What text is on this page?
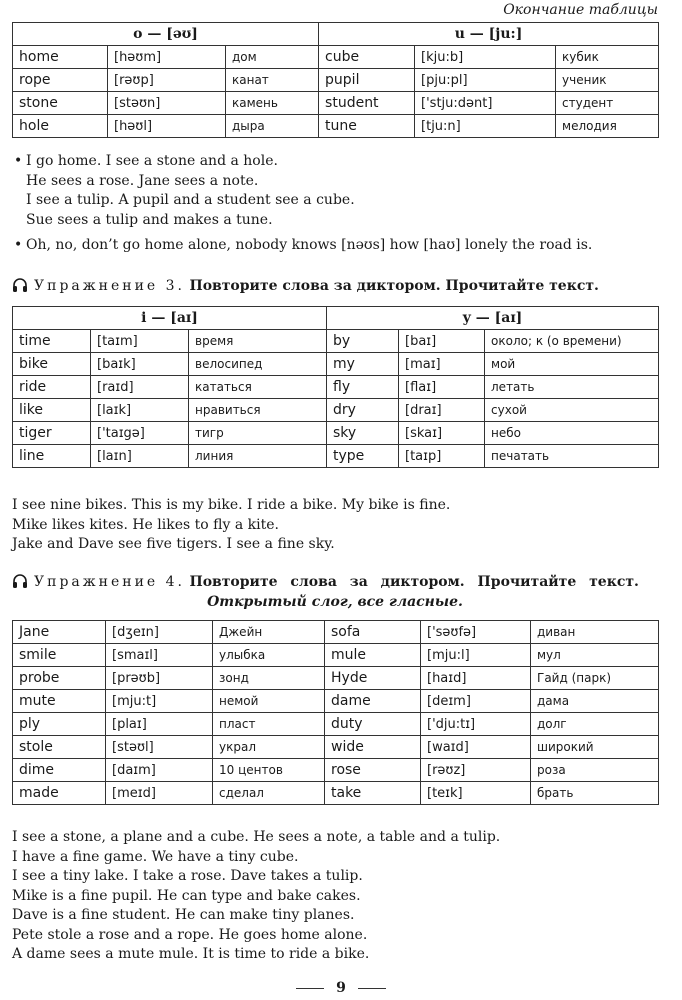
Окончание таблицы
o — [əʊ]			u — [ju:]		
home	[həʊm]	дом	cube	[kju:b]	кубик
rope	[rəʊp]	канат	pupil	[pju:pl]	ученик
stone	[stəʊn]	камень	student	['stju:dənt]	студент
hole	[həʊl]	дыра	tune	[tju:n]	мелодия

• I go home. I see a stone and a hole.

He sees a rose. Jane sees a note.

I see a tulip. A pupil and a student see a cube.

Sue sees a tulip and makes a tune.

• Oh, no, don’t go home alone, nobody knows [nəʊs] how [haʊ] lonely the road is.

Упражнение 3. Повторите слова за диктором. Прочитайте текст.
i — [aɪ]			y — [aɪ]		
time	[taɪm]	время	by	[baɪ]	около; к (о времени)
bike	[baɪk]	велосипед	my	[maɪ]	мой
ride	[raɪd]	кататься	fly	[flaɪ]	летать
like	[laɪk]	нравиться	dry	[draɪ]	сухой
tiger	['taɪgə]	тигр	sky	[skaɪ]	небо
line	[laɪn]	линия	type	[taɪp]	печатать

I see nine bikes. This is my bike. I ride a bike. My bike is fine.

Mike likes kites. He likes to fly a kite.

Jake and Dave see five tigers. I see a fine sky.

Упражнение 4. Повторите слова за диктором. Прочитайте текст.
Открытый слог, все гласные.
Jane	[dʒeɪn]	Джейн	sofa	['səʊfə]	диван
smile	[smaɪl]	улыбка	mule	[mju:l]	мул
probe	[prəʊb]	зонд	Hyde	[haɪd]	Гайд (парк)
mute	[mju:t]	немой	dame	[deɪm]	дама
ply	[plaɪ]	пласт	duty	['dju:tɪ]	долг
stole	[stəʊl]	украл	wide	[waɪd]	широкий
dime	[daɪm]	10 центов	rose	[rəʊz]	роза
made	[meɪd]	сделал	take	[teɪk]	брать

I see a stone, a plane and a cube. He sees a note, a table and a tulip.

I have a fine game. We have a tiny cube.

I see a tiny lake. I take a rose. Dave takes a tulip.

Mike is a fine pupil. He can type and bake cakes.

Dave is a fine student. He can make tiny planes.

Pete stole a rose and a rope. He goes home alone.

A dame sees a mute mule. It is time to ride a bike.

9
